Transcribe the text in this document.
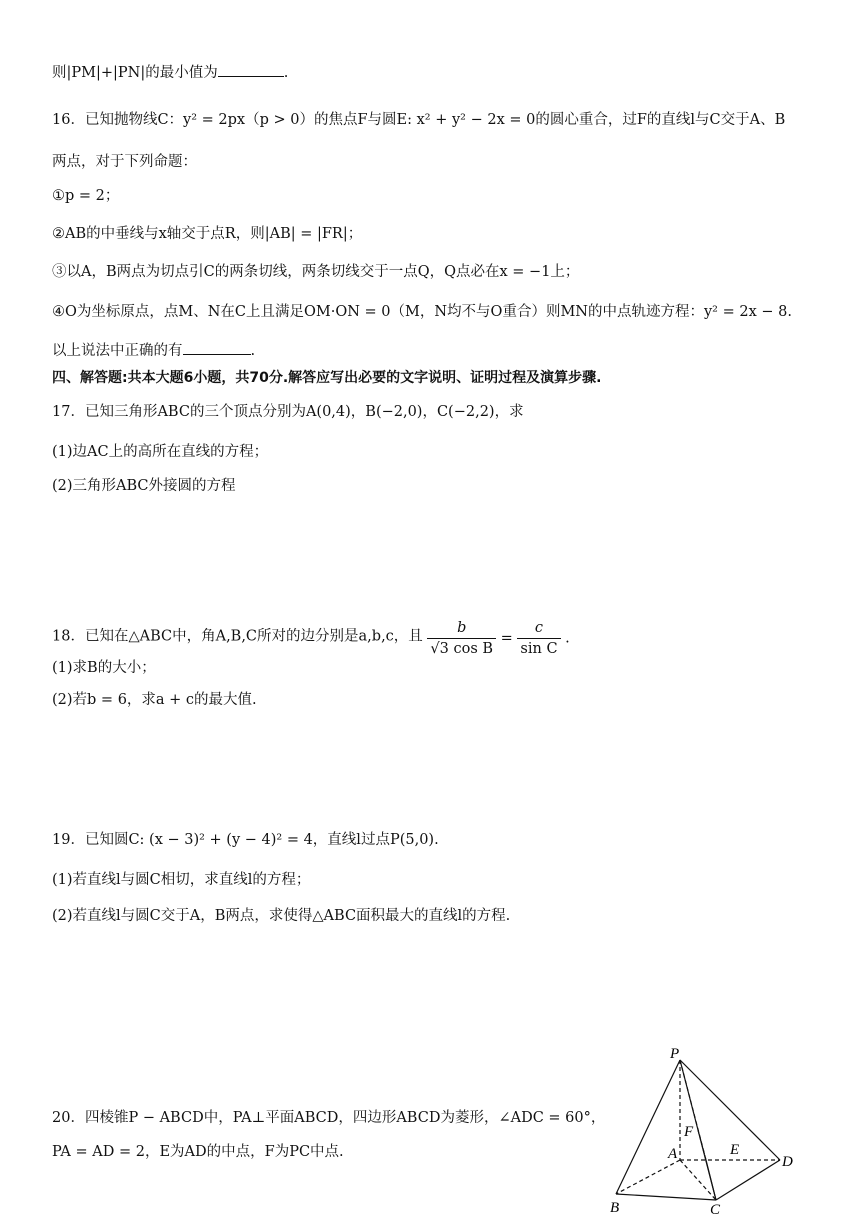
则|PM|+|PN|的最小值为	.
16．已知抛物线C：y² = 2px（p > 0）的焦点F与圆E: x² + y² − 2x = 0的圆心重合，过F的直线l与C交于A、B
两点，对于下列命题：
①p = 2；
②AB的中垂线与x轴交于点R，则|AB| = |FR|；
③以A，B两点为切点引C的两条切线，两条切线交于一点Q，Q点必在x = −1上；
④O为坐标原点，点M、N在C上且满足OM·ON = 0（M，N均不与O重合）则MN的中点轨迹方程：y² = 2x − 8.
以上说法中正确的有	.
四、解答题:共本大题6小题，共70分.解答应写出必要的文字说明、证明过程及演算步骤.
17．已知三角形ABC的三个顶点分别为A(0,4)，B(−2,0)，C(−2,2)，求
(1)边AC上的高所在直线的方程；
(2)三角形ABC外接圆的方程
18．已知在△ABC中，角A,B,C所对的边分别是a,b,c，且 $\frac{b}{\text{√3 cos B}} = \frac{c}{\text{sin C}}$ .
(1)求B的大小；
(2)若b = 6，求a + c的最大值.
19．已知圆C: (x − 3)² + (y − 4)² = 4，直线l过点P(5,0).
(1)若直线l与圆C相切，求直线l的方程；
(2)若直线l与圆C交于A，B两点，求使得△ABC面积最大的直线l的方程.
20．四棱锥P − ABCD中，PA⊥平面ABCD，四边形ABCD为菱形，∠ADC = 60°，
PA = AD = 2，E为AD的中点，F为PC中点.
P
A
B	C
D
E
F
